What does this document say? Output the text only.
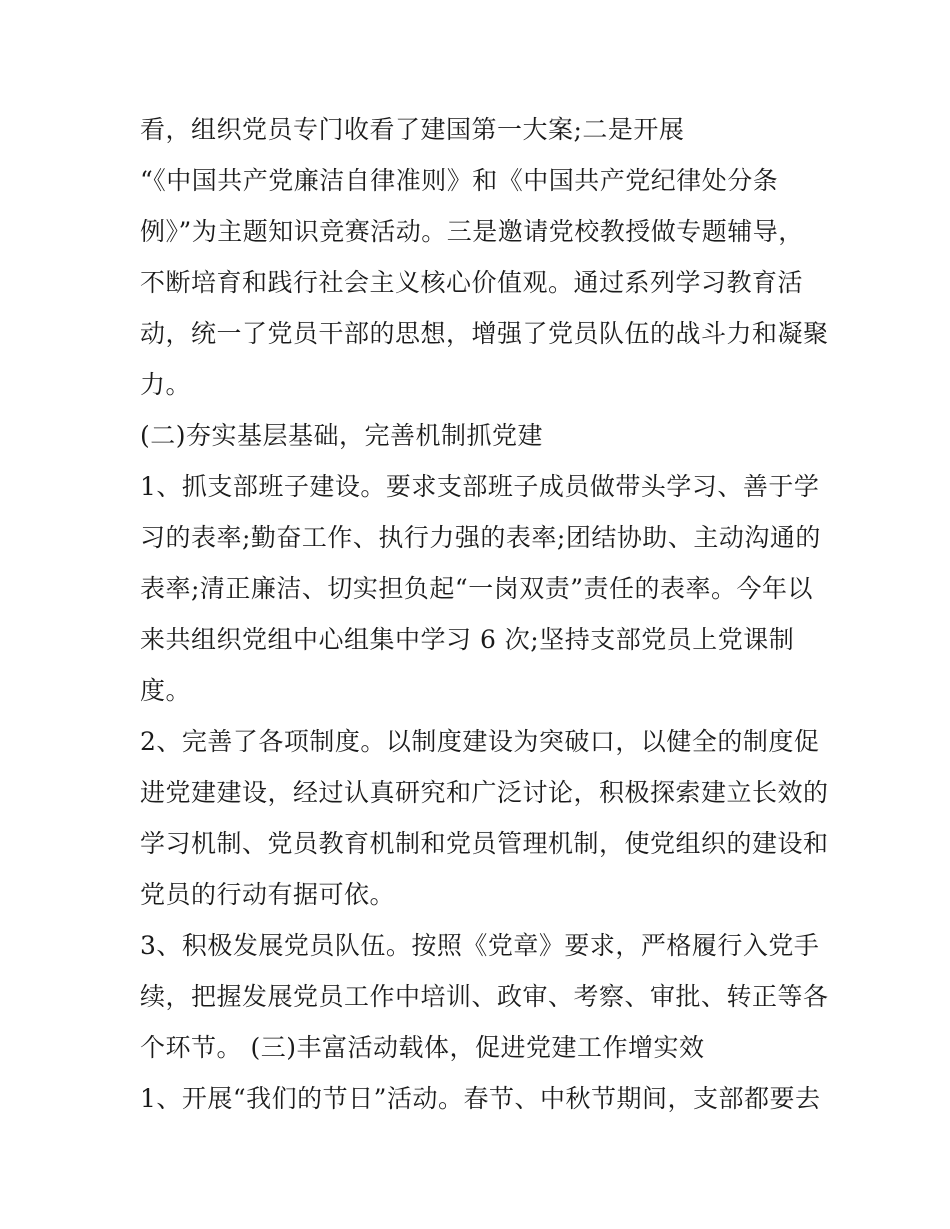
看，组织党员专门收看了建国第一大案;二是开展
“《中国共产党廉洁自律准则》和《中国共产党纪律处分条
例》”为主题知识竞赛活动。三是邀请党校教授做专题辅导，
不断培育和践行社会主义核心价值观。通过系列学习教育活
动，统一了党员干部的思想，增强了党员队伍的战斗力和凝聚
力。
(二)夯实基层基础，完善机制抓党建
1、抓支部班子建设。要求支部班子成员做带头学习、善于学
习的表率;勤奋工作、执行力强的表率;团结协助、主动沟通的
表率;清正廉洁、切实担负起“一岗双责”责任的表率。今年以
来共组织党组中心组集中学习 6 次;坚持支部党员上党课制
度。
2、完善了各项制度。以制度建设为突破口，以健全的制度促
进党建建设，经过认真研究和广泛讨论，积极探索建立长效的
学习机制、党员教育机制和党员管理机制，使党组织的建设和
党员的行动有据可依。
3、积极发展党员队伍。按照《党章》要求，严格履行入党手
续，把握发展党员工作中培训、政审、考察、审批、转正等各
个环节。 (三)丰富活动载体，促进党建工作增实效
1、开展“我们的节日”活动。春节、中秋节期间，支部都要去
